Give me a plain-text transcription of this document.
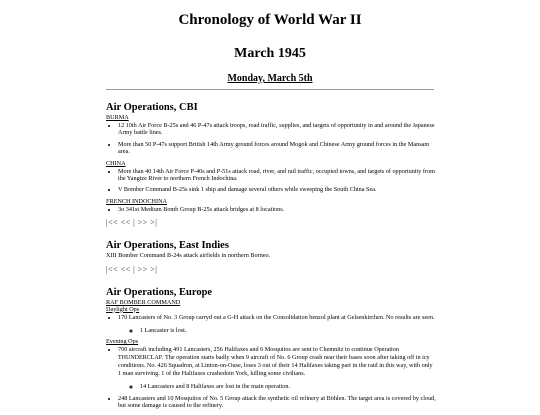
Chronology of World War II
March 1945
Monday, March 5th
Air Operations, CBI

BURMA

• 12 10th Air Force B-25s and 46 P-47s attack troops, road traffic, supplies, and targets of opportunity in and around the Japanese Army battle lines.
• More than 50 P-47s support British 14th Army ground forces around Mogok and Chinese Army ground forces in the Mansam area.

CHINA

• More than 40 14th Air Force P-40s and P-51s attack road, river, and rail traffic, occupied towns, and targets of opportunity from the Yangtze River to northern French Indochina.
• V Bomber Command B-25s sink 1 ship and damage several others while sweeping the South China Sea.

FRENCH INDOCHINA

• 3o 341st Medium Bomb Group B-25s attack bridges at 8 locations.
|<< << | >> >|
Air Operations, East Indies

XIII Bomber Command B-24s attack airfields in northern Borneo.

|<< << | >> >|
Air Operations, Europe

RAF BOMBER COMMAND

Daylight Ops

• 170 Lancasters of No. 3 Group carryd out a G-H attack on the Consolidation benzol plant at Gelsenkirchen. No results are seen.
◦ 1 Lancaster is lost.

Evening Ops

• 700 aircraft including 491 Lancasters, 256 Halifaxes and 6 Mosquitos are sent to Chemnitz to continue Operation THUNDERCLAP. The operation starts badly when 9 aircraft of No. 6 Group crash near their bases soon after taking off in icy conditions. No. 426 Squadron, at Linton-on-Ouse, loses 3 out of their 14 Halifaxes taking part in the raid in this way, with only 1 man surviving. 1 of the Halifaxes crashedoin York, killing some civilians.
◦ 14 Lancasters and 8 Halifaxes are lost in the main operation.
• 248 Lancasters and 10 Mosquitos of No. 5 Group attack the synthetic oil refinery at Böhlen. The target area is covered by cloud, but some damage is caused to the refinery.
